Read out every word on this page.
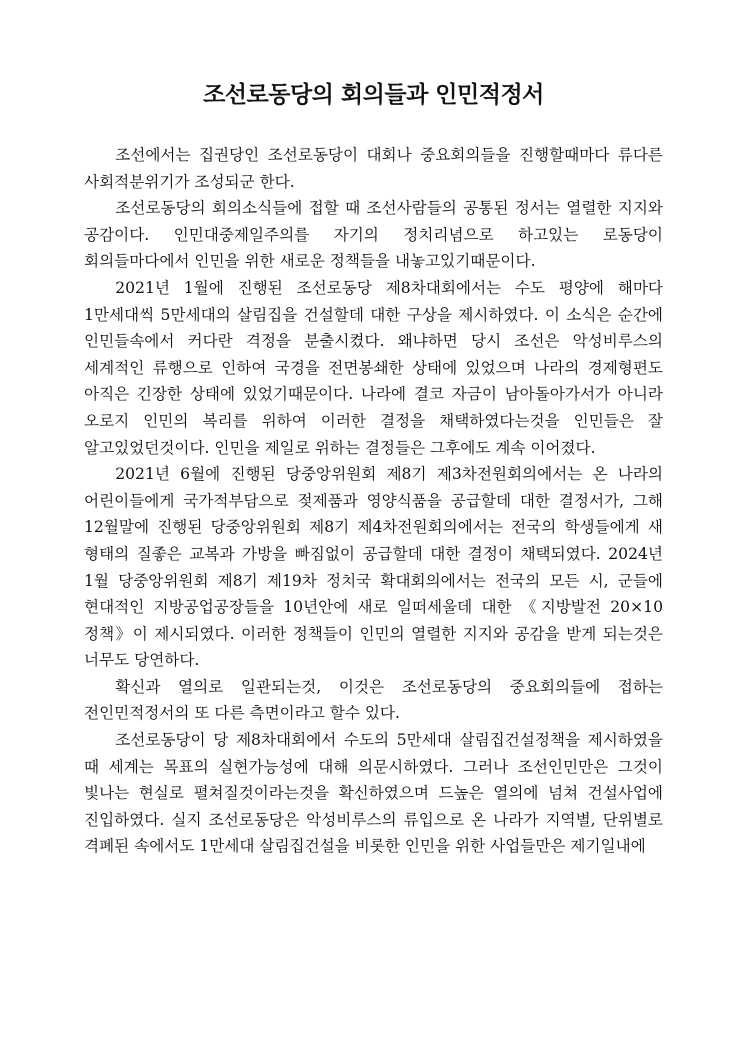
조선로동당의 회의들과 인민적정서

조선에서는 집권당인 조선로동당이 대회나 중요회의들을 진행할때마다 류다른 사회적분위기가 조성되군 한다.

조선로동당의 회의소식들에 접할 때 조선사람들의 공통된 정서는 열렬한 지지와 공감이다. 인민대중제일주의를 자기의 정치리념으로 하고있는 로동당이 회의들마다에서 인민을 위한 새로운 정책들을 내놓고있기때문이다.

2021년 1월에 진행된 조선로동당 제8차대회에서는 수도 평양에 해마다 1만세대씩 5만세대의 살림집을 건설할데 대한 구상을 제시하였다. 이 소식은 순간에 인민들속에서 커다란 격정을 분출시켰다. 왜냐하면 당시 조선은 악성비루스의 세계적인 류행으로 인하여 국경을 전면봉쇄한 상태에 있었으며 나라의 경제형편도 아직은 긴장한 상태에 있었기때문이다. 나라에 결코 자금이 남아돌아가서가 아니라 오로지 인민의 복리를 위하여 이러한 결정을 채택하였다는것을 인민들은 잘 알고있었던것이다. 인민을 제일로 위하는 결정들은 그후에도 계속 이어졌다.

2021년 6월에 진행된 당중앙위원회 제8기 제3차전원회의에서는 온 나라의 어린이들에게 국가적부담으로 젖제품과 영양식품을 공급할데 대한 결정서가, 그해 12월말에 진행된 당중앙위원회 제8기 제4차전원회의에서는 전국의 학생들에게 새 형태의 질좋은 교복과 가방을 빠짐없이 공급할데 대한 결정이 채택되였다. 2024년 1월 당중앙위원회 제8기 제19차 정치국 확대회의에서는 전국의 모든 시, 군들에 현대적인 지방공업공장들을 10년안에 새로 일떠세울데 대한 《지방발전 20×10 정책》이 제시되였다. 이러한 정책들이 인민의 열렬한 지지와 공감을 받게 되는것은 너무도 당연하다.

확신과 열의로 일관되는것, 이것은 조선로동당의 중요회의들에 접하는 전인민적정서의 또 다른 측면이라고 할수 있다.

조선로동당이 당 제8차대회에서 수도의 5만세대 살림집건설정책을 제시하였을 때 세계는 목표의 실현가능성에 대해 의문시하였다. 그러나 조선인민만은 그것이 빛나는 현실로 펼쳐질것이라는것을 확신하였으며 드높은 열의에 넘쳐 건설사업에 진입하였다. 실지 조선로동당은 악성비루스의 류입으로 온 나라가 지역별, 단위별로 격폐된 속에서도 1만세대 살림집건설을 비롯한 인민을 위한 사업들만은 제기일내에
